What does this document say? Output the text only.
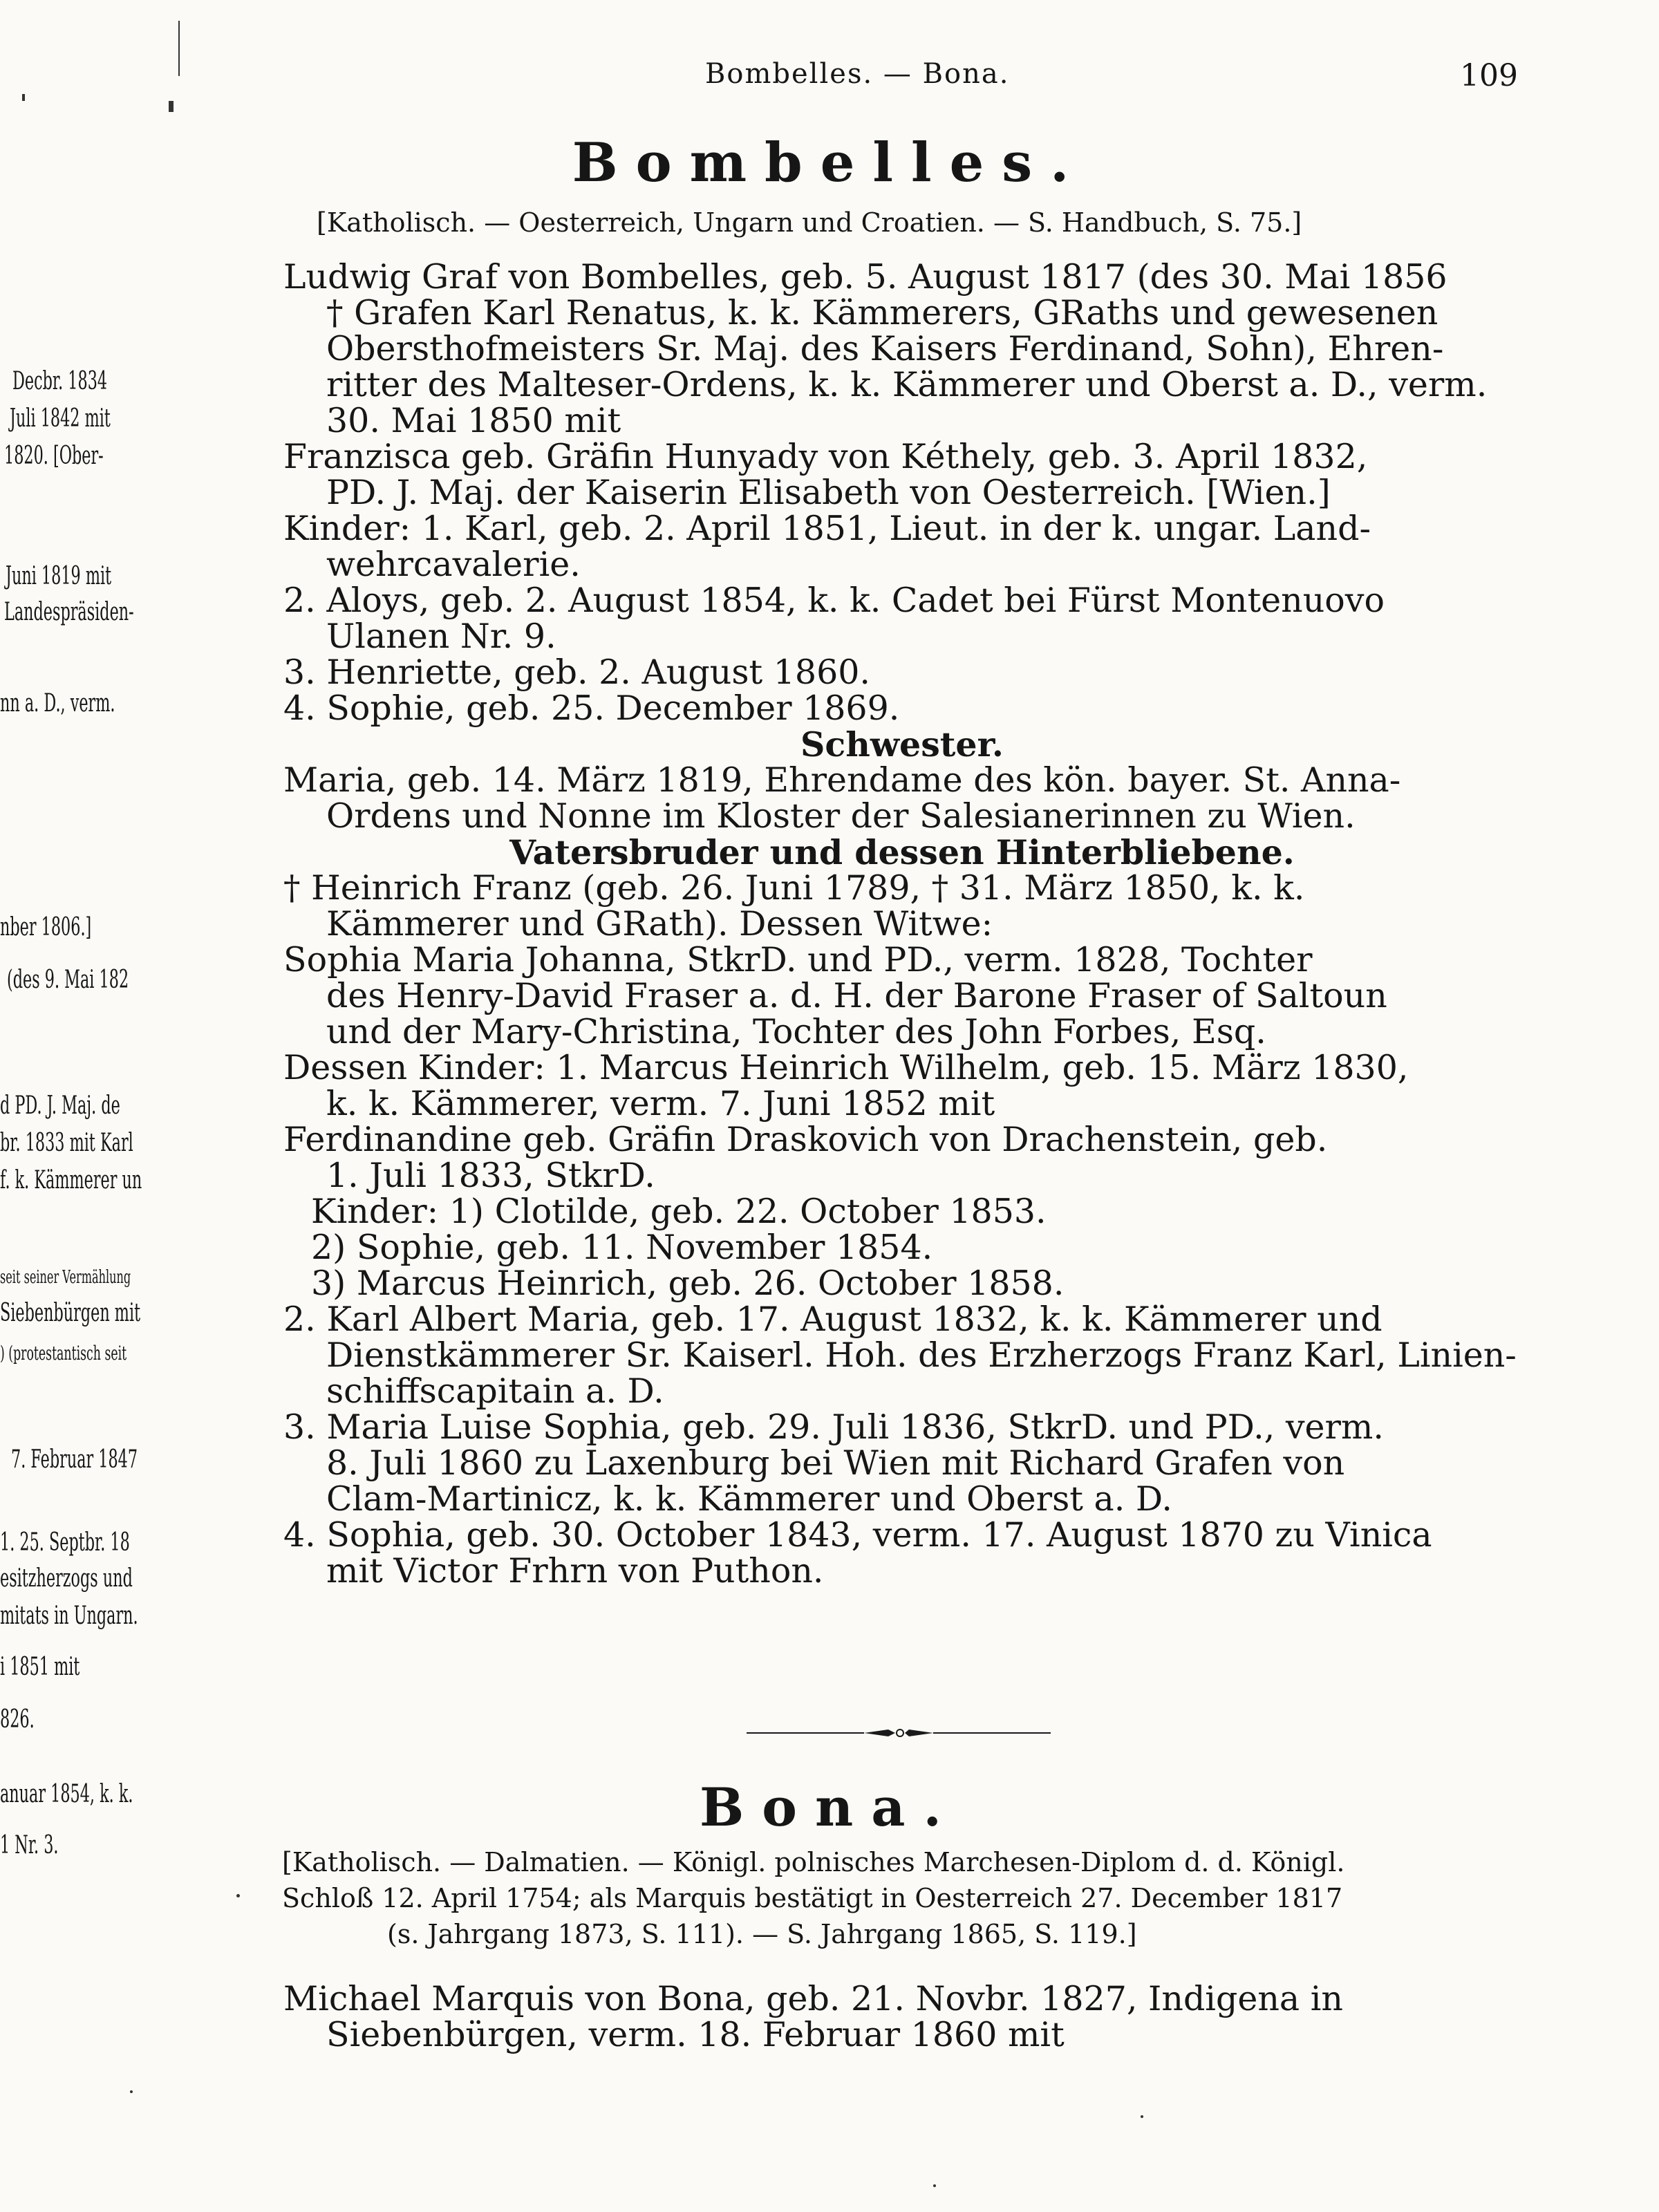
Decbr. 1834
Juli 1842 mit
1820. [Ober-
Juni 1819 mit
Landespräsiden-
nn a. D., verm.
nber 1806.]
(des 9. Mai 182
d PD. J. Maj. de
br. 1833 mit Karl
f. k. Kämmerer un
seit seiner Vermählung
Siebenbürgen mit
) (protestantisch seit
7. Februar 1847
1. 25. Septbr. 18
esitzherzogs und
mitats in Ungarn.
i 1851 mit
826.
anuar 1854, k. k.
1 Nr. 3.
Bombelles. — Bona.	109
Bombelles.
[Katholisch. — Oesterreich, Ungarn und Croatien. — S. Handbuch, S. 75.]
Ludwig Graf von Bombelles, geb. 5. August 1817 (des 30. Mai 1856
† Grafen Karl Renatus, k. k. Kämmerers, GRaths und gewesenen
Obersthofmeisters Sr. Maj. des Kaisers Ferdinand, Sohn), Ehren-
ritter des Malteser-Ordens, k. k. Kämmerer und Oberst a. D., verm.
30. Mai 1850 mit
Franzisca geb. Gräfin Hunyady von Kéthely, geb. 3. April 1832,
PD. J. Maj. der Kaiserin Elisabeth von Oesterreich. [Wien.]
Kinder: 1. Karl, geb. 2. April 1851, Lieut. in der k. ungar. Land-
wehrcavalerie.
2. Aloys, geb. 2. August 1854, k. k. Cadet bei Fürst Montenuovo
Ulanen Nr. 9.
3. Henriette, geb. 2. August 1860.
4. Sophie, geb. 25. December 1869.
Schwester.
Maria, geb. 14. März 1819, Ehrendame des kön. bayer. St. Anna-
Ordens und Nonne im Kloster der Salesianerinnen zu Wien.
Vatersbruder und dessen Hinterbliebene.
† Heinrich Franz (geb. 26. Juni 1789, † 31. März 1850, k. k.
Kämmerer und GRath). Dessen Witwe:
Sophia Maria Johanna, StkrD. und PD., verm. 1828, Tochter
des Henry-David Fraser a. d. H. der Barone Fraser of Saltoun
und der Mary-Christina, Tochter des John Forbes, Esq.
Dessen Kinder: 1. Marcus Heinrich Wilhelm, geb. 15. März 1830,
k. k. Kämmerer, verm. 7. Juni 1852 mit
Ferdinandine geb. Gräfin Draskovich von Drachenstein, geb.
1. Juli 1833, StkrD.
Kinder: 1) Clotilde, geb. 22. October 1853.
2) Sophie, geb. 11. November 1854.
3) Marcus Heinrich, geb. 26. October 1858.
2. Karl Albert Maria, geb. 17. August 1832, k. k. Kämmerer und
Dienstkämmerer Sr. Kaiserl. Hoh. des Erzherzogs Franz Karl, Linien-
schiffscapitain a. D.
3. Maria Luise Sophia, geb. 29. Juli 1836, StkrD. und PD., verm.
8. Juli 1860 zu Laxenburg bei Wien mit Richard Grafen von
Clam-Martinicz, k. k. Kämmerer und Oberst a. D.
4. Sophia, geb. 30. October 1843, verm. 17. August 1870 zu Vinica
mit Victor Frhrn von Puthon.
Bona.
[Katholisch. — Dalmatien. — Königl. polnisches Marchesen-Diplom d. d. Königl.
Schloß 12. April 1754; als Marquis bestätigt in Oesterreich 27. December 1817
(s. Jahrgang 1873, S. 111). — S. Jahrgang 1865, S. 119.]
Michael Marquis von Bona, geb. 21. Novbr. 1827, Indigena in
Siebenbürgen, verm. 18. Februar 1860 mit
